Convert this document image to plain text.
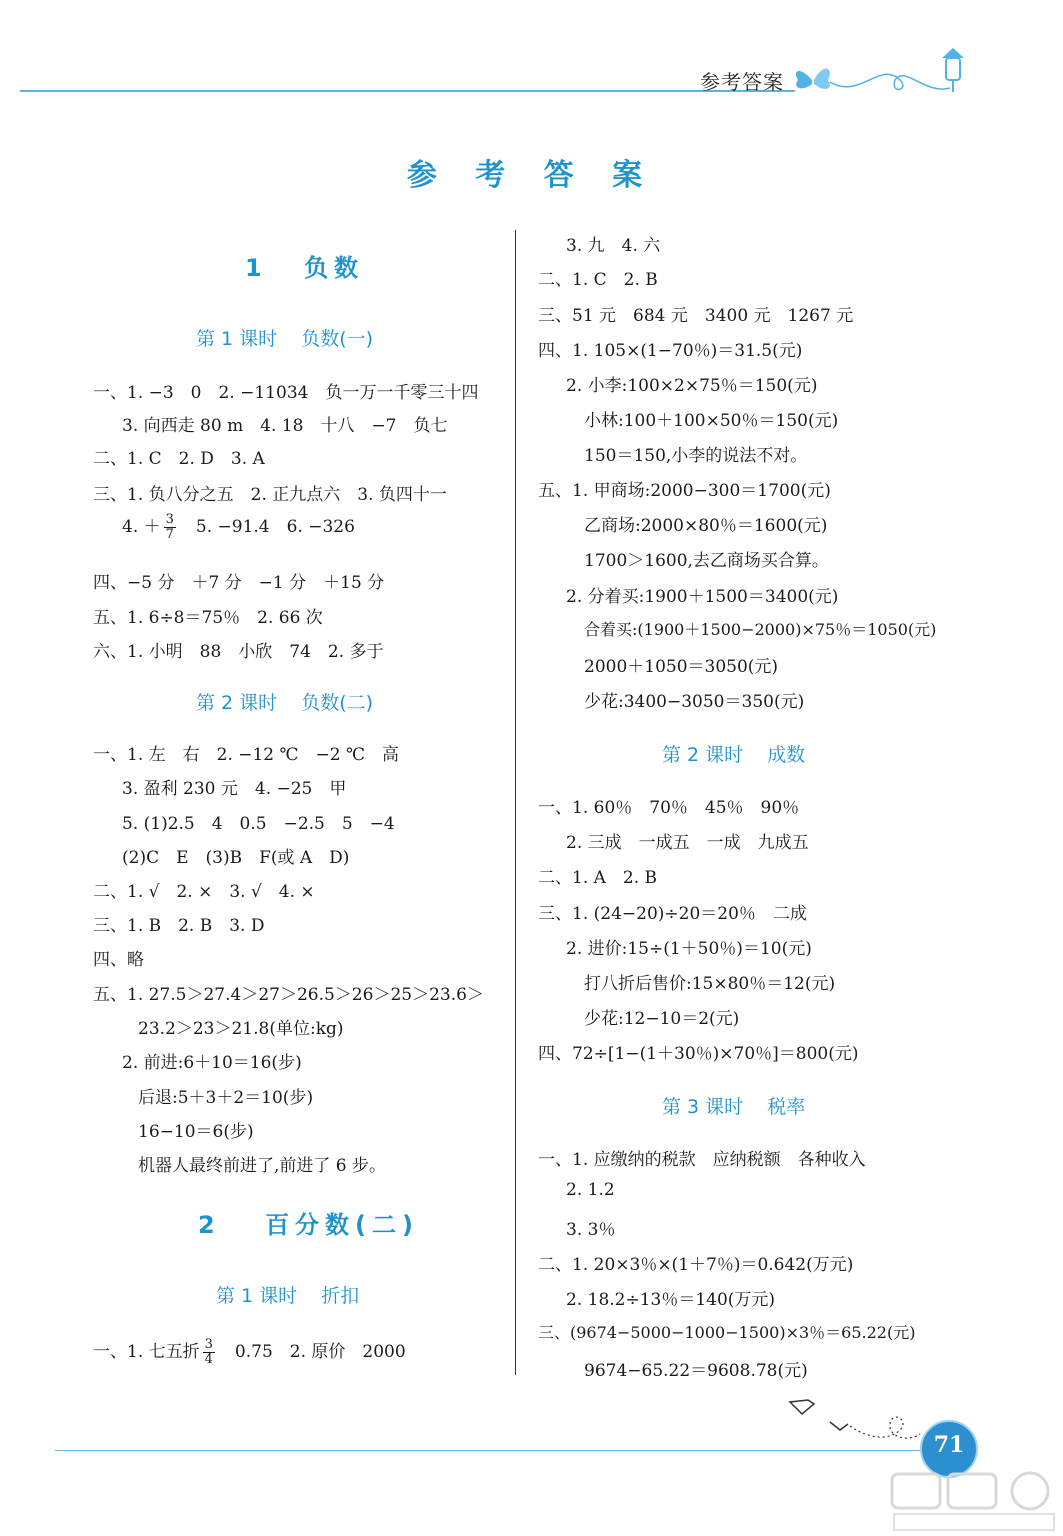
参考答案
参 考 答 案
1 负数
第 1 课时 负数(一)
一、1. −3　0　2. −11034　负一万一千零三十四
3. 向西走 80 m　4. 18　十八　−7　负七
二、1. C　2. D　3. A
三、1. 负八分之五　2. 正九点六　3. 负四十一
4. ＋ $\frac{3}{7}$ 　5. −91.4　6. −326
四、−5 分　＋7 分　−1 分　＋15 分
五、1. 6÷8＝75％　2. 66 次
六、1. 小明　88　小欣　74　2. 多于
第 2 课时 负数(二)
一、1. 左　右　2. −12 ℃　−2 ℃　高
3. 盈利 230 元　4. −25　甲
5. (1)2.5　4　0.5　−2.5　5　−4
(2)C　E　(3)B　F(或 A　D)
二、1. √　2. ×　3. √　4. ×
三、1. B　2. B　3. D
四、略
五、1. 27.5＞27.4＞27＞26.5＞26＞25＞23.6＞
23.2＞23＞21.8(单位:kg)
2. 前进:6＋10＝16(步)
后退:5＋3＋2＝10(步)
16−10＝6(步)
机器人最终前进了,前进了 6 步。
2 百分数(二)
第 1 课时 折扣
一、1. 七五折 $\frac{3}{4}$ 　0.75　2. 原价　2000
3. 九　4. 六
二、1. C　2. B
三、51 元　684 元　3400 元　1267 元
四、1. 105×(1−70％)＝31.5(元)
2. 小李:100×2×75％＝150(元)
小林:100＋100×50％＝150(元)
150＝150,小李的说法不对。
五、1. 甲商场:2000−300＝1700(元)
乙商场:2000×80％＝1600(元)
1700＞1600,去乙商场买合算。
2. 分着买:1900＋1500＝3400(元)
合着买:(1900＋1500−2000)×75％＝1050(元)
2000＋1050＝3050(元)
少花:3400−3050＝350(元)
第 2 课时 成数
一、1. 60％　70％　45％　90％
2. 三成　一成五　一成　九成五
二、1. A　2. B
三、1. (24−20)÷20＝20％　二成
2. 进价:15÷(1＋50％)＝10(元)
打八折后售价:15×80％＝12(元)
少花:12−10＝2(元)
四、72÷[1−(1＋30％)×70％]＝800(元)
第 3 课时 税率
一、1. 应缴纳的税款　应纳税额　各种收入
2. 1.2
3. 3％
二、1. 20×3％×(1＋7％)＝0.642(万元)
2. 18.2÷13％＝140(万元)
三、(9674−5000−1000−1500)×3％＝65.22(元)
9674−65.22＝9608.78(元)
71
